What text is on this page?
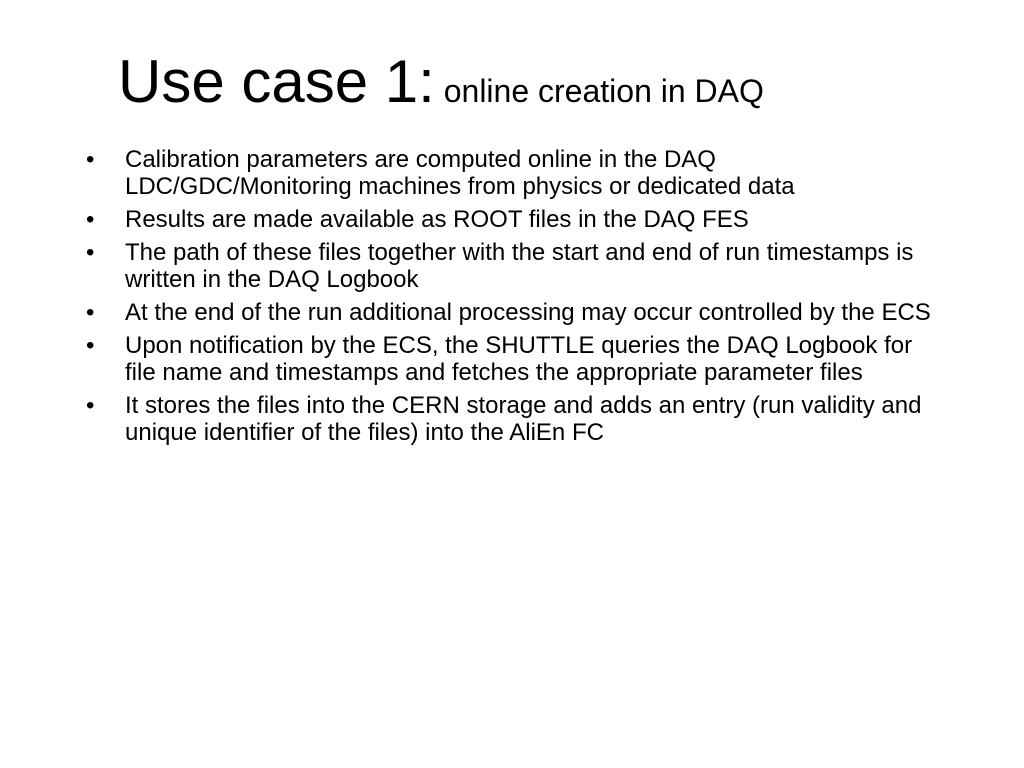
Use case 1: online creation in DAQ
• Calibration parameters are computed online in the DAQ LDC/GDC/Monitoring machines from physics or dedicated data
• Results are made available as ROOT files in the DAQ FES
• The path of these files together with the start and end of run timestamps is written in the DAQ Logbook
• At the end of the run additional processing may occur controlled by the ECS
• Upon notification by the ECS, the SHUTTLE queries the DAQ Logbook for file name and timestamps and fetches the appropriate parameter files
• It stores the files into the CERN storage and adds an entry (run validity and unique identifier of the files) into the AliEn FC
